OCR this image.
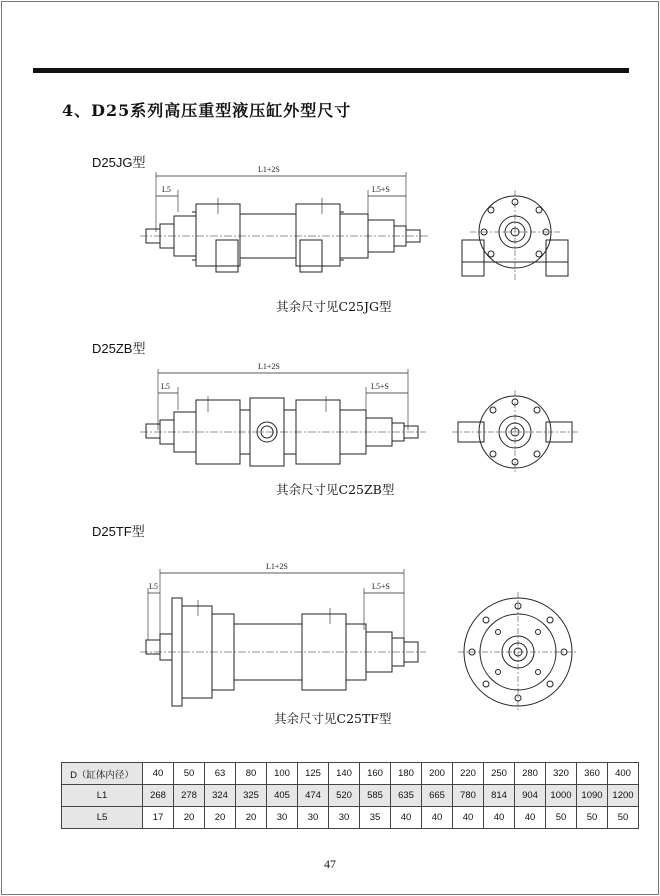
4、D25系列高压重型液压缸外型尺寸
D25JG型
D25ZB型
D25TF型
L1+2S
L5	L5+S
L1+2S
L5	L5+S
L1+2S
L5	L5+S
其余尺寸见C25JG型
其余尺寸见C25ZB型
其余尺寸见C25TF型
D（缸体内径）	40	50	63	80	100	125	140	160	180	200	220	250	280	320	360	400
L1	268	278	324	325	405	474	520	585	635	665	780	814	904	1000	1090	1200
L5	17	20	20	20	30	30	30	35	40	40	40	40	40	50	50	50
47
